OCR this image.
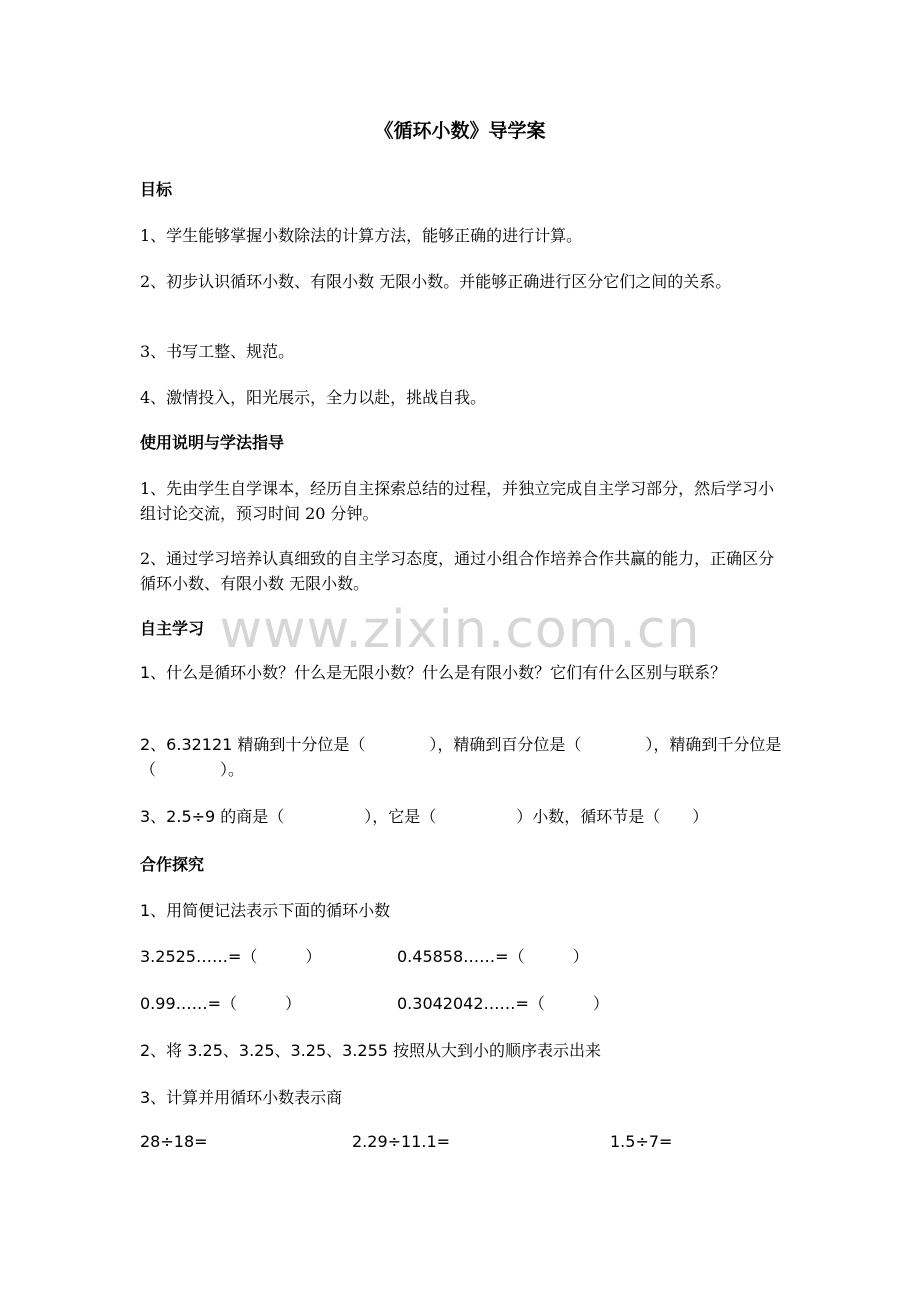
www.zixin.com.cn
《循环小数》导学案
目标
1、学生能够掌握小数除法的计算方法，能够正确的进行计算。
2、初步认识循环小数、有限小数 无限小数。并能够正确进行区分它们之间的关系。
3、书写工整、规范。
4、激情投入，阳光展示，全力以赴，挑战自我。
使用说明与学法指导
1、先由学生自学课本，经历自主探索总结的过程，并独立完成自主学习部分，然后学习小组讨论交流，预习时间 20 分钟。
2、通过学习培养认真细致的自主学习态度，通过小组合作培养合作共赢的能力，正确区分循环小数、有限小数 无限小数。
自主学习
1、什么是循环小数？什么是无限小数？什么是有限小数？它们有什么区别与联系？
2、6.32121 精确到十分位是（　　　　），精确到百分位是（　　　　），精确到千分位是（　　　　）。
3、2.5÷9 的商是（　　　　　），它是（　　　　　）小数，循环节是（　　）
合作探究
1、用简便记法表示下面的循环小数
3.2525……=（　　　）	0.45858……=（　　　）
0.99……=（　　　）	0.3042042……=（　　　）
2、将 3.25、3.25、3.25、3.255 按照从大到小的顺序表示出来
3、计算并用循环小数表示商
28÷18=	2.29÷11.1=	1.5÷7=
